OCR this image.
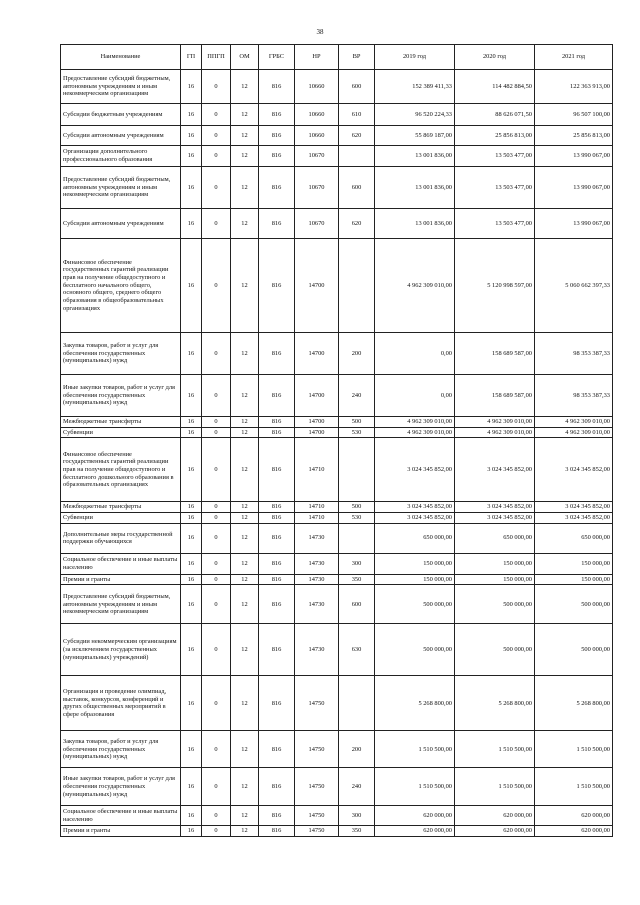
38
Наименование	ГП	ППГП	ОМ	ГРБС	НР	ВР	2019 год	2020 год	2021 год
Предоставление субсидий бюджетным, автономным учреждениям и иным некоммерческим организациям	16	0	12	816	10660	600	152 389 411,33	114 482 884,50	122 363 913,00
Субсидии бюджетным учреждениям	16	0	12	816	10660	610	96 520 224,33	88 626 071,50	96 507 100,00
Субсидии автономным учреждениям	16	0	12	816	10660	620	55 869 187,00	25 856 813,00	25 856 813,00
Организации дополнительного профессионального образования	16	0	12	816	10670		13 001 836,00	13 503 477,00	13 990 067,00
Предоставление субсидий бюджетным, автономным учреждениям и иным некоммерческим организациям	16	0	12	816	10670	600	13 001 836,00	13 503 477,00	13 990 067,00
Субсидии автономным учреждениям	16	0	12	816	10670	620	13 001 836,00	13 503 477,00	13 990 067,00
Финансовое обеспечение государственных гарантий реализации прав на получение общедоступного и бесплатного начального общего, основного общего, среднего общего образования в общеобразовательных организациях	16	0	12	816	14700		4 962 309 010,00	5 120 998 597,00	5 060 662 397,33
Закупка товаров, работ и услуг для обеспечения государственных (муниципальных) нужд	16	0	12	816	14700	200	0,00	158 689 587,00	98 353 387,33
Иные закупки товаров, работ и услуг для обеспечения государственных (муниципальных) нужд	16	0	12	816	14700	240	0,00	158 689 587,00	98 353 387,33
Межбюджетные трансферты	16	0	12	816	14700	500	4 962 309 010,00	4 962 309 010,00	4 962 309 010,00
Субвенции	16	0	12	816	14700	530	4 962 309 010,00	4 962 309 010,00	4 962 309 010,00
Финансовое обеспечение государственных гарантий реализации прав на получение общедоступного и бесплатного дошкольного образования в образовательных организациях	16	0	12	816	14710		3 024 345 852,00	3 024 345 852,00	3 024 345 852,00
Межбюджетные трансферты	16	0	12	816	14710	500	3 024 345 852,00	3 024 345 852,00	3 024 345 852,00
Субвенции	16	0	12	816	14710	530	3 024 345 852,00	3 024 345 852,00	3 024 345 852,00
Дополнительные меры государственной поддержки обучающихся	16	0	12	816	14730		650 000,00	650 000,00	650 000,00
Социальное обеспечение и иные выплаты населению	16	0	12	816	14730	300	150 000,00	150 000,00	150 000,00
Премии и гранты	16	0	12	816	14730	350	150 000,00	150 000,00	150 000,00
Предоставление субсидий бюджетным, автономным учреждениям и иным некоммерческим организациям	16	0	12	816	14730	600	500 000,00	500 000,00	500 000,00
Субсидии некоммерческим организациям (за исключением государственных (муниципальных) учреждений)	16	0	12	816	14730	630	500 000,00	500 000,00	500 000,00
Организация и проведение олимпиад, выставок, конкурсов, конференций и других общественных мероприятий в сфере образования	16	0	12	816	14750		5 268 800,00	5 268 800,00	5 268 800,00
Закупка товаров, работ и услуг для обеспечения государственных (муниципальных) нужд	16	0	12	816	14750	200	1 510 500,00	1 510 500,00	1 510 500,00
Иные закупки товаров, работ и услуг для обеспечения государственных (муниципальных) нужд	16	0	12	816	14750	240	1 510 500,00	1 510 500,00	1 510 500,00
Социальное обеспечение и иные выплаты населению	16	0	12	816	14750	300	620 000,00	620 000,00	620 000,00
Премии и гранты	16	0	12	816	14750	350	620 000,00	620 000,00	620 000,00
